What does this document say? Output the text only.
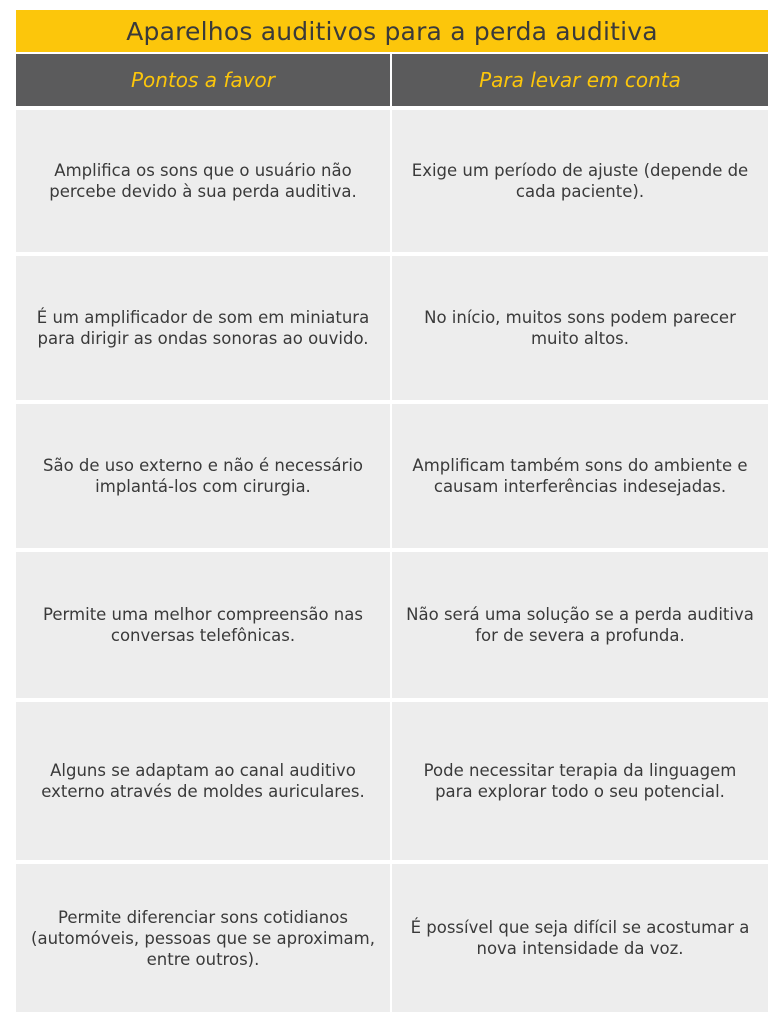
Aparelhos auditivos para a perda auditiva
Pontos a favor	Para levar em conta
Amplifica os sons que o usuário não percebe devido à sua perda auditiva.
Exige um período de ajuste (depende de cada paciente).
É um amplificador de som em miniatura para dirigir as ondas sonoras ao ouvido.
No início, muitos sons podem parecer muito altos.
São de uso externo e não é necessário implantá-los com cirurgia.
Amplificam também sons do ambiente e causam interferências indesejadas.
Permite uma melhor compreensão nas conversas telefônicas.
Não será uma solução se a perda auditiva for de severa a profunda.
Alguns se adaptam ao canal auditivo externo através de moldes auriculares.
Pode necessitar terapia da linguagem para explorar todo o seu potencial.
Permite diferenciar sons cotidianos (automóveis, pessoas que se aproximam, entre outros).
É possível que seja difícil se acostumar a nova intensidade da voz.
